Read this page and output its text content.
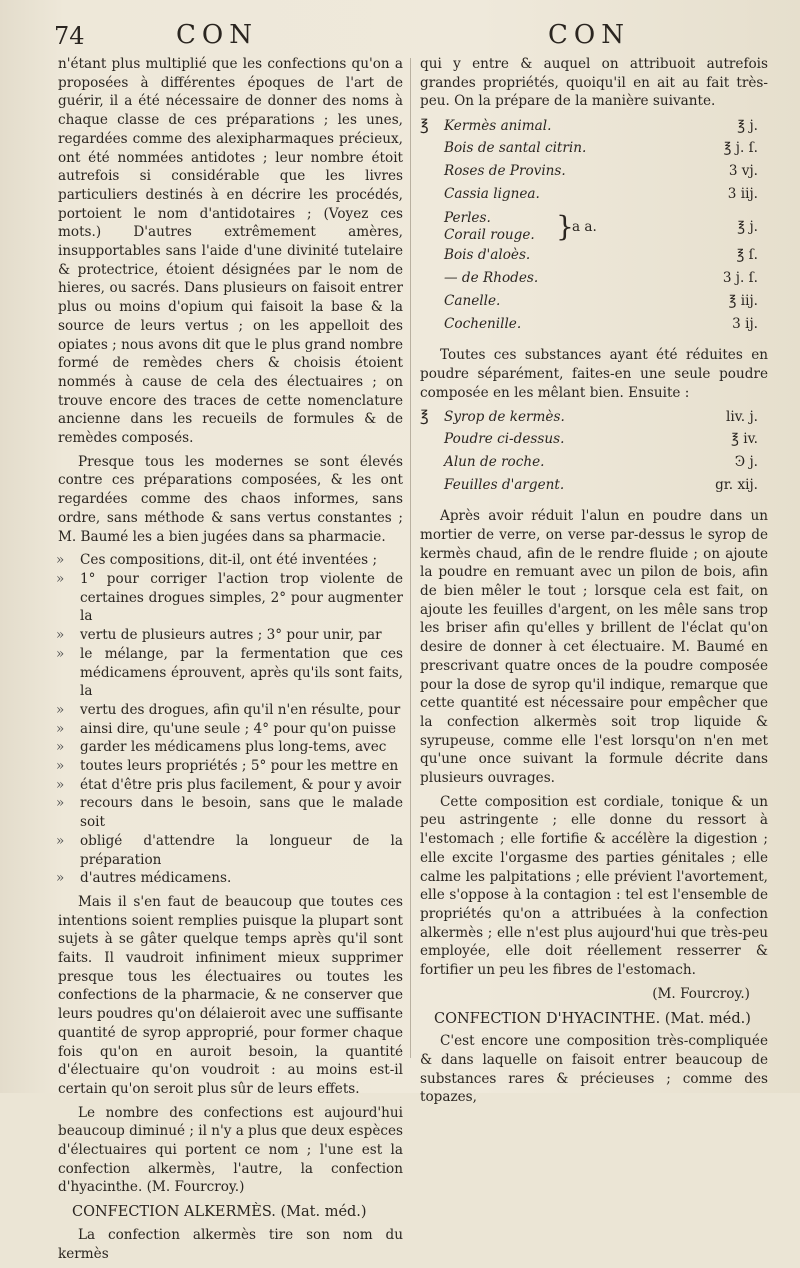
74	CON	CON

n'étant plus multiplié que les confections qu'on a proposées à différentes époques de l'art de guérir, il a été nécessaire de donner des noms à chaque classe de ces préparations ; les unes, regardées comme des alexipharmaques précieux, ont été nommées antidotes ; leur nombre étoit autrefois si considérable que les livres particuliers destinés à en décrire les procédés, portoient le nom d'antidotaires ; (Voyez ces mots.) D'autres extrêmement amères, insupportables sans l'aide d'une divinité tutelaire & protectrice, étoient désignées par le nom de hieres, ou sacrés. Dans plusieurs on faisoit entrer plus ou moins d'opium qui faisoit la base & la source de leurs vertus ; on les appelloit des opiates ; nous avons dit que le plus grand nombre formé de remèdes chers & choisis étoient nommés à cause de cela des électuaires ; on trouve encore des traces de cette nomenclature ancienne dans les recueils de formules & de remèdes composés.

Presque tous les modernes se sont élevés contre ces préparations composées, & les ont regardées comme des chaos informes, sans ordre, sans méthode & sans vertus constantes ; M. Baumé les a bien jugées dans sa pharmacie.

» Ces compositions, dit-il, ont été inventées ;
» 1° pour corriger l'action trop violente de certaines drogues simples, 2° pour augmenter la
» vertu de plusieurs autres ; 3° pour unir, par
» le mélange, par la fermentation que ces médicamens éprouvent, après qu'ils sont faits, la
» vertu des drogues, afin qu'il n'en résulte, pour
» ainsi dire, qu'une seule ; 4° pour qu'on puisse
» garder les médicamens plus long-tems, avec
» toutes leurs propriétés ; 5° pour les mettre en
» état d'être pris plus facilement, & pour y avoir
» recours dans le besoin, sans que le malade soit
» obligé d'attendre la longueur de la préparation
» d'autres médicamens.

Mais il s'en faut de beaucoup que toutes ces intentions soient remplies puisque la plupart sont sujets à se gâter quelque temps après qu'il sont faits. Il vaudroit infiniment mieux supprimer presque tous les électuaires ou toutes les confections de la pharmacie, & ne conserver que leurs poudres qu'on délaieroit avec une suffisante quantité de syrop approprié, pour former chaque fois qu'on en auroit besoin, la quantité d'électuaire qu'on voudroit : au moins est-il certain qu'on seroit plus sûr de leurs effets.

Le nombre des confections est aujourd'hui beaucoup diminué ; il n'y a plus que deux espèces d'électuaires qui portent ce nom ; l'une est la confection alkermès, l'autre, la confection d'hyacinthe. (M. Fourcroy.)

CONFECTION ALKERMÈS. (Mat. méd.)

La confection alkermès tire son nom du kermès

qui y entre & auquel on attribuoit autrefois grandes propriétés, quoiqu'il en ait au fait très-peu. On la prépare de la manière suivante.

℥	Kermès animal.	℥ j.
Bois de santal citrin.	℥ j. ſ.
Roses de Provins.	3 vj.
Cassia lignea.	3 iij.
Perles.
Corail rouge. }
a a.	℥ j.
Bois d'aloès.	℥ ſ.
— de Rhodes.	3 j. ſ.
Canelle.	℥ iij.
Cochenille.	3 ij.

Toutes ces substances ayant été réduites en poudre séparément, faites-en une seule poudre composée en les mêlant bien. Ensuite :

℥	Syrop de kermès.	liv. j.
Poudre ci-dessus.	℥ iv.
Alun de roche.	Ͽ j.
Feuilles d'argent.	gr. xij.

Après avoir réduit l'alun en poudre dans un mortier de verre, on verse par-dessus le syrop de kermès chaud, afin de le rendre fluide ; on ajoute la poudre en remuant avec un pilon de bois, afin de bien mêler le tout ; lorsque cela est fait, on ajoute les feuilles d'argent, on les mêle sans trop les briser afin qu'elles y brillent de l'éclat qu'on desire de donner à cet électuaire. M. Baumé en prescrivant quatre onces de la poudre composée pour la dose de syrop qu'il indique, remarque que cette quantité est nécessaire pour empêcher que la confection alkermès soit trop liquide & syrupeuse, comme elle l'est lorsqu'on n'en met qu'une once suivant la formule décrite dans plusieurs ouvrages.

Cette composition est cordiale, tonique & un peu astringente ; elle donne du ressort à l'estomach ; elle fortifie & accélère la digestion ; elle excite l'orgasme des parties génitales ; elle calme les palpitations ; elle prévient l'avortement, elle s'oppose à la contagion : tel est l'ensemble de propriétés qu'on a attribuées à la confection alkermès ; elle n'est plus aujourd'hui que très-peu employée, elle doit réellement resserrer & fortifier un peu les fibres de l'estomach.

(M. Fourcroy.)
CONFECTION D'HYACINTHE. (Mat. méd.)

C'est encore une composition très-compliquée & dans laquelle on faisoit entrer beaucoup de substances rares & précieuses ; comme des topazes,
